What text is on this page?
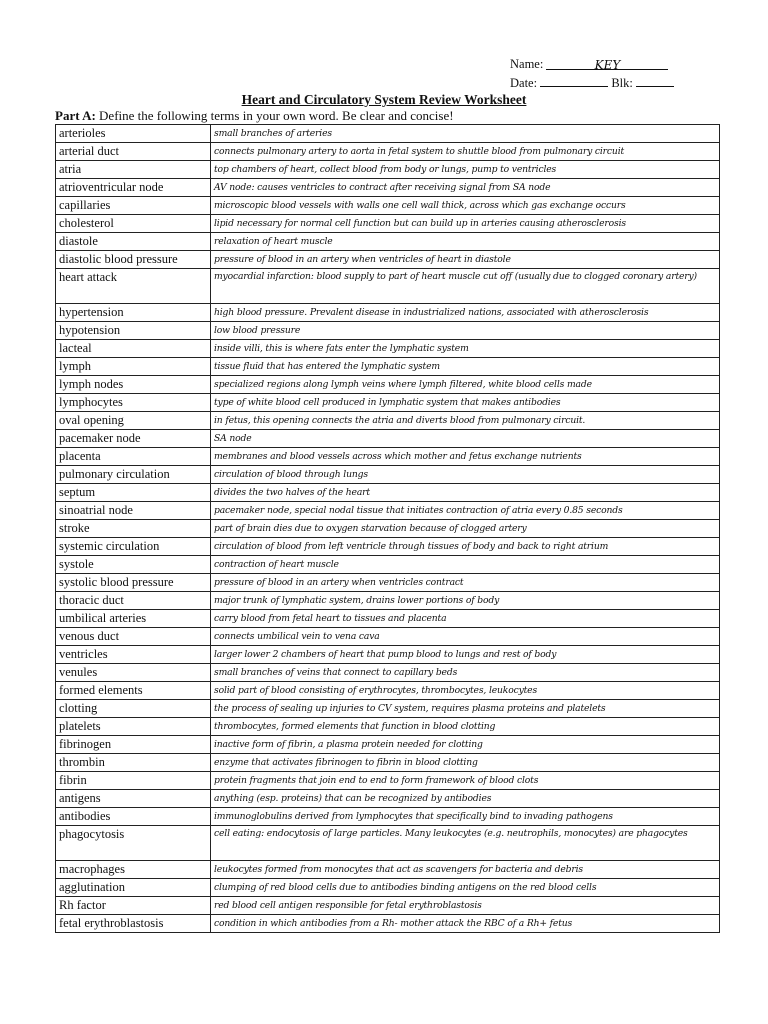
Name:	KEY
Date:	Blk:
Heart and Circulatory System Review Worksheet
Part A: Define the following terms in your own word. Be clear and concise!
arterioles	small branches of arteries
arterial duct	connects pulmonary artery to aorta in fetal system to shuttle blood from pulmonary circuit
atria	top chambers of heart, collect blood from body or lungs, pump to ventricles
atrioventricular node	AV node: causes ventricles to contract after receiving signal from SA node
capillaries	microscopic blood vessels with walls one cell wall thick, across which gas exchange occurs
cholesterol	lipid necessary for normal cell function but can build up in arteries causing atherosclerosis
diastole	relaxation of heart muscle
diastolic blood pressure	pressure of blood in an artery when ventricles of heart in diastole
heart attack	myocardial infarction: blood supply to part of heart muscle cut off (usually due to clogged coronary artery)
hypertension	high blood pressure. Prevalent disease in industrialized nations, associated with atherosclerosis
hypotension	low blood pressure
lacteal	inside villi, this is where fats enter the lymphatic system
lymph	tissue fluid that has entered the lymphatic system
lymph nodes	specialized regions along lymph veins where lymph filtered, white blood cells made
lymphocytes	type of white blood cell produced in lymphatic system that makes antibodies
oval opening	in fetus, this opening connects the atria and diverts blood from pulmonary circuit.
pacemaker node	SA node
placenta	membranes and blood vessels across which mother and fetus exchange nutrients
pulmonary circulation	circulation of blood through lungs
septum	divides the two halves of the heart
sinoatrial node	pacemaker node, special nodal tissue that initiates contraction of atria every 0.85 seconds
stroke	part of brain dies due to oxygen starvation because of clogged artery
systemic circulation	circulation of blood from left ventricle through tissues of body and back to right atrium
systole	contraction of heart muscle
systolic blood pressure	pressure of blood in an artery when ventricles contract
thoracic duct	major trunk of lymphatic system, drains lower portions of body
umbilical arteries	carry blood from fetal heart to tissues and placenta
venous duct	connects umbilical vein to vena cava
ventricles	larger lower 2 chambers of heart that pump blood to lungs and rest of body
venules	small branches of veins that connect to capillary beds
formed elements	solid part of blood consisting of erythrocytes, thrombocytes, leukocytes
clotting	the process of sealing up injuries to CV system, requires plasma proteins and platelets
platelets	thrombocytes, formed elements that function in blood clotting
fibrinogen	inactive form of fibrin, a plasma protein needed for clotting
thrombin	enzyme that activates fibrinogen to fibrin in blood clotting
fibrin	protein fragments that join end to end to form framework of blood clots
antigens	anything (esp. proteins) that can be recognized by antibodies
antibodies	immunoglobulins derived from lymphocytes that specifically bind to invading pathogens
phagocytosis	cell eating: endocytosis of large particles. Many leukocytes (e.g. neutrophils, monocytes) are phagocytes
macrophages	leukocytes formed from monocytes that act as scavengers for bacteria and debris
agglutination	clumping of red blood cells due to antibodies binding antigens on the red blood cells
Rh factor	red blood cell antigen responsible for fetal erythroblastosis
fetal erythroblastosis	condition in which antibodies from a Rh- mother attack the RBC of a Rh+ fetus
